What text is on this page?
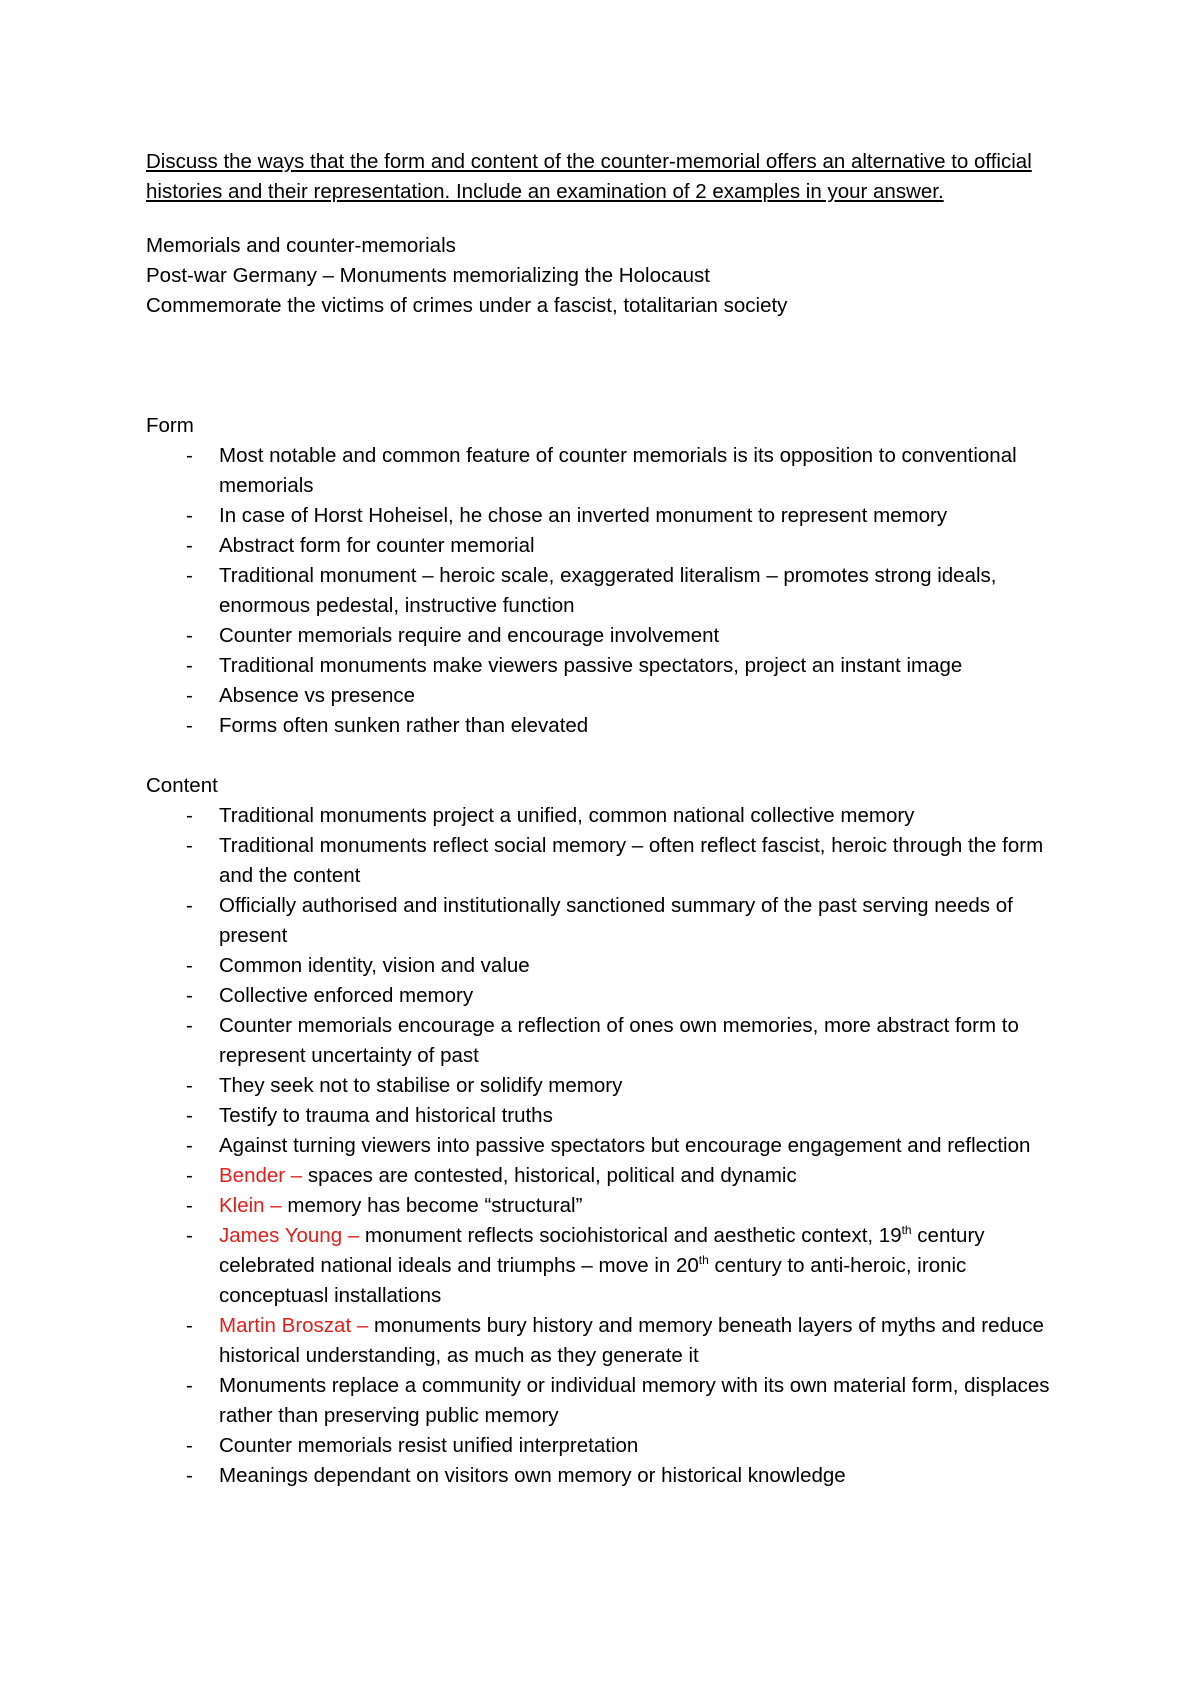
Discuss the ways that the form and content of the counter-memorial offers an alternative to official histories and their representation. Include an examination of 2 examples in your answer.

Memorials and counter-memorials

Post-war Germany – Monuments memorializing the Holocaust

Commemorate the victims of crimes under a fascist, totalitarian society

Form

- Most notable and common feature of counter memorials is its opposition to conventional memorials
- In case of Horst Hoheisel, he chose an inverted monument to represent memory
- Abstract form for counter memorial
- Traditional monument – heroic scale, exaggerated literalism – promotes strong ideals, enormous pedestal, instructive function
- Counter memorials require and encourage involvement
- Traditional monuments make viewers passive spectators, project an instant image
- Absence vs presence
- Forms often sunken rather than elevated

Content

- Traditional monuments project a unified, common national collective memory
- Traditional monuments reflect social memory – often reflect fascist, heroic through the form and the content
- Officially authorised and institutionally sanctioned summary of the past serving needs of present
- Common identity, vision and value
- Collective enforced memory
- Counter memorials encourage a reflection of ones own memories, more abstract form to represent uncertainty of past
- They seek not to stabilise or solidify memory
- Testify to trauma and historical truths
- Against turning viewers into passive spectators but encourage engagement and reflection
- Bender – spaces are contested, historical, political and dynamic
- Klein – memory has become “structural”
- James Young – monument reflects sociohistorical and aesthetic context, 19th century celebrated national ideals and triumphs – move in 20th century to anti-heroic, ironic conceptuasl installations
- Martin Broszat – monuments bury history and memory beneath layers of myths and reduce historical understanding, as much as they generate it
- Monuments replace a community or individual memory with its own material form, displaces rather than preserving public memory
- Counter memorials resist unified interpretation
- Meanings dependant on visitors own memory or historical knowledge
